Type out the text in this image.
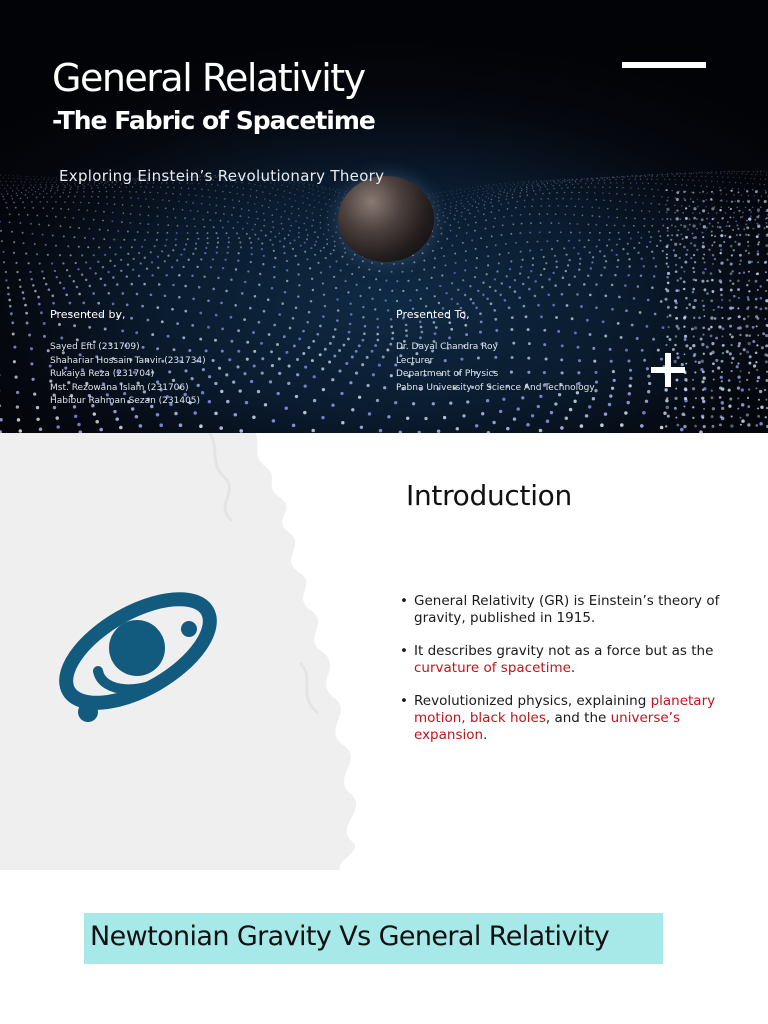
General Relativity
-The Fabric of Spacetime
Exploring Einstein’s Revolutionary Theory
Presented by,
Sayed Efti (231709)
Shahariar Hossain Tanvir (231734)
Rukaiya Reza (231704)
Mst. Rezowana Islam (231706)
Habibur Rahman Sezan (231405)
Presented To,
Dr. Dayal Chandra Roy
Lecturer
Department of Physics
Pabna University of Science And Technology
Introduction
• General Relativity (GR) is Einstein’s theory of gravity, published in 1915.
• It describes gravity not as a force but as the curvature of spacetime.
• Revolutionized physics, explaining planetary motion, black holes, and the universe’s expansion.
Newtonian Gravity Vs General Relativity
